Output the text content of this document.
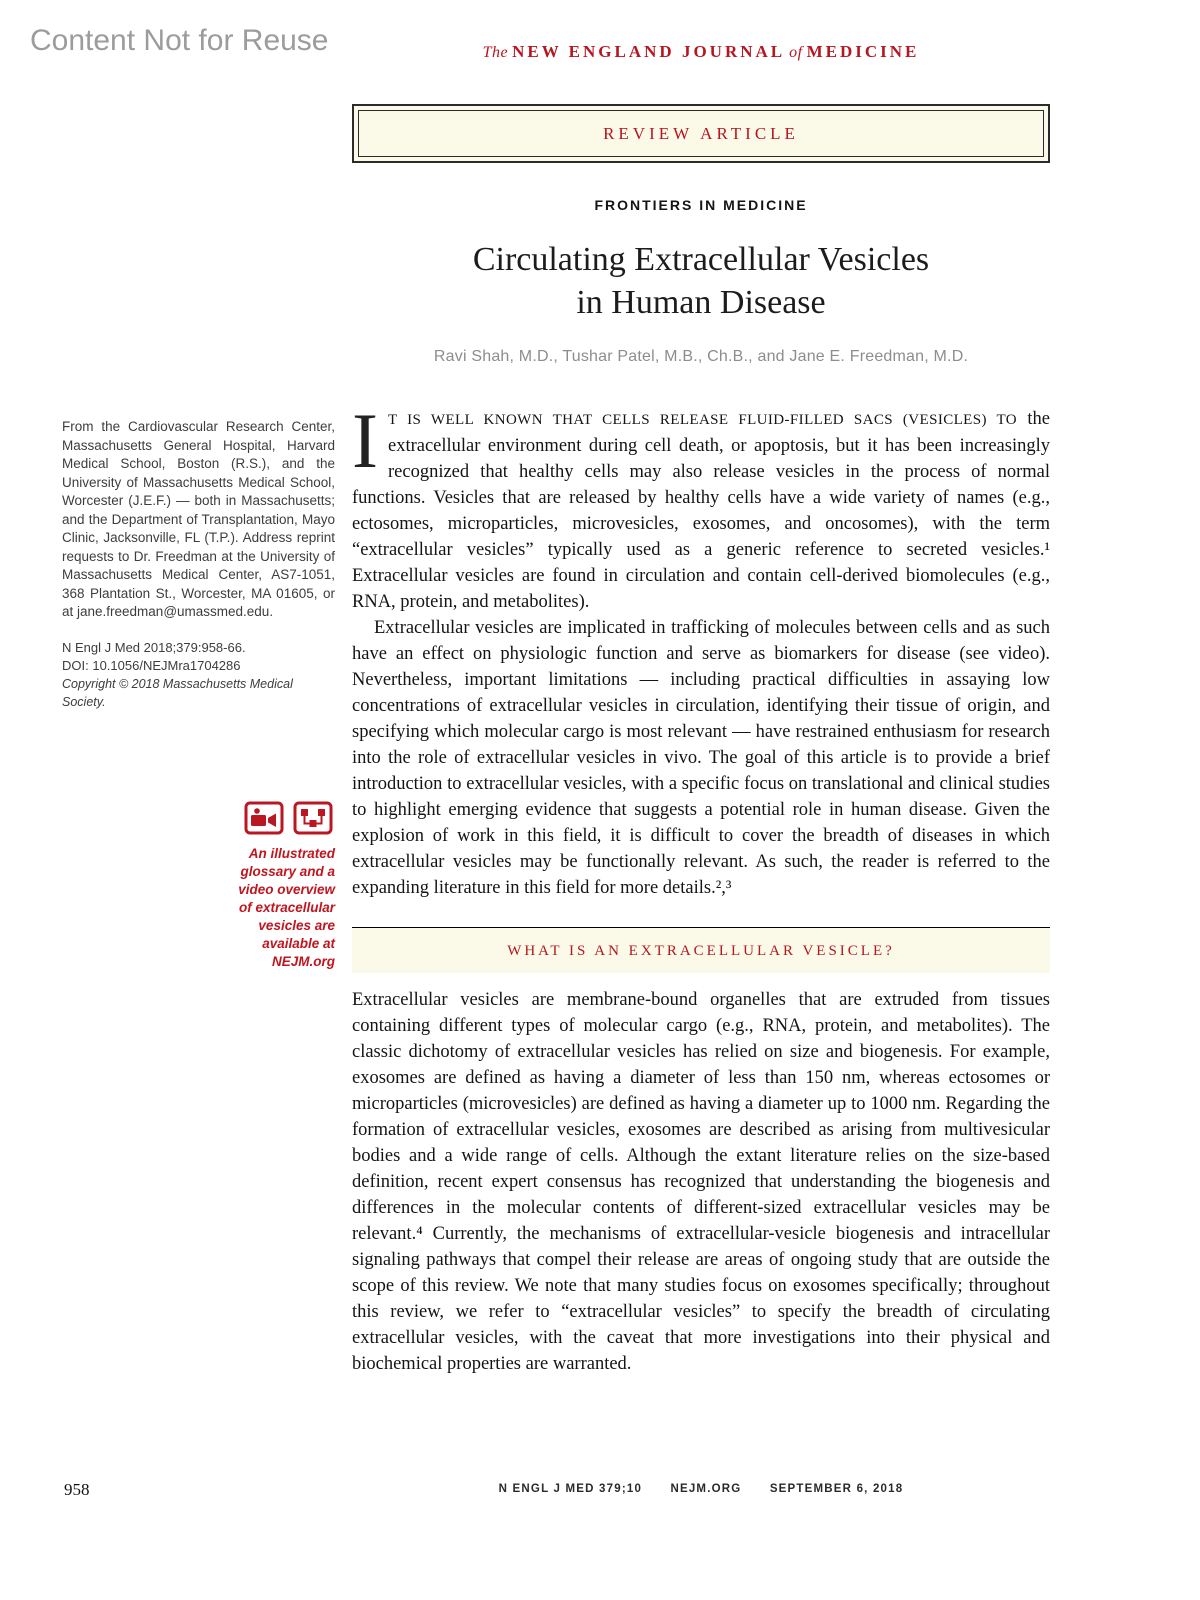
Content Not for Reuse	The NEW ENGLAND JOURNAL of MEDICINE
REVIEW ARTICLE
FRONTIERS IN MEDICINE
Circulating Extracellular Vesicles
in Human Disease
Ravi Shah, M.D., Tushar Patel, M.B., Ch.B., and Jane E. Freedman, M.D.

I T IS WELL KNOWN THAT CELLS RELEASE FLUID-FILLED SACS (VESICLES) TO the extracellular environment during cell death, or apoptosis, but it has been increasingly recognized that healthy cells may also release vesicles in the process of normal functions. Vesicles that are released by healthy cells have a wide variety of names (e.g., ectosomes, microparticles, microvesicles, exosomes, and oncosomes), with the term “extracellular vesicles” typically used as a generic reference to secreted vesicles.¹ Extracellular vesicles are found in circulation and contain cell-derived biomolecules (e.g., RNA, protein, and metabolites).

Extracellular vesicles are implicated in trafficking of molecules between cells and as such have an effect on physiologic function and serve as biomarkers for disease (see video). Nevertheless, important limitations — including practical difficulties in assaying low concentrations of extracellular vesicles in circulation, identifying their tissue of origin, and specifying which molecular cargo is most relevant — have restrained enthusiasm for research into the role of extracellular vesicles in vivo. The goal of this article is to provide a brief introduction to extracellular vesicles, with a specific focus on translational and clinical studies to highlight emerging evidence that suggests a potential role in human disease. Given the explosion of work in this field, it is difficult to cover the breadth of diseases in which extracellular vesicles may be functionally relevant. As such, the reader is referred to the expanding literature in this field for more details.²,³

WHAT IS AN EXTRACELLULAR VESICLE?

Extracellular vesicles are membrane-bound organelles that are extruded from tissues containing different types of molecular cargo (e.g., RNA, protein, and metabolites). The classic dichotomy of extracellular vesicles has relied on size and biogenesis. For example, exosomes are defined as having a diameter of less than 150 nm, whereas ectosomes or microparticles (microvesicles) are defined as having a diameter up to 1000 nm. Regarding the formation of extracellular vesicles, exosomes are described as arising from multivesicular bodies and a wide range of cells. Although the extant literature relies on the size-based definition, recent expert consensus has recognized that understanding the biogenesis and differences in the molecular contents of different-sized extracellular vesicles may be relevant.⁴ Currently, the mechanisms of extracellular-vesicle biogenesis and intracellular signaling pathways that compel their release are areas of ongoing study that are outside the scope of this review. We note that many studies focus on exosomes specifically; throughout this review, we refer to “extracellular vesicles” to specify the breadth of circulating extracellular vesicles, with the caveat that more investigations into their physical and biochemical properties are warranted.

From the Cardiovascular Research Center, Massachusetts General Hospital, Harvard Medical School, Boston (R.S.), and the University of Massachusetts Medical School, Worcester (J.E.F.) — both in Massachusetts; and the Department of Transplantation, Mayo Clinic, Jacksonville, FL (T.P.). Address reprint requests to Dr. Freedman at the University of Massachusetts Medical Center, AS7-1051, 368 Plantation St., Worcester, MA 01605, or at jane.freedman@umassmed.edu.

N Engl J Med 2018;379:958-66.

DOI: 10.1056/NEJMra1704286

Copyright © 2018 Massachusetts Medical Society.

An illustrated glossary and a video overview of extracellular vesicles are available at NEJM.org

958	N ENGL J MED 379;10 NEJM.ORG SEPTEMBER 6, 2018
